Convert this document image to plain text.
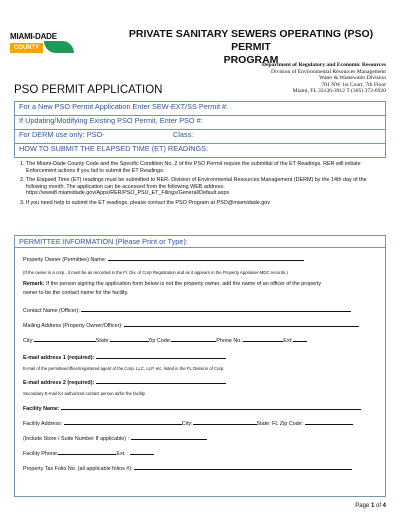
MIAMI-DADE
COUNTY
PRIVATE SANITARY SEWERS OPERATING (PSO) PERMIT
PROGRAM
Department of Regulatory and Economic Resources
Division of Environmental Resources Management
Water & Wastewater Division
701 NW 1st Court, 7th Floor
Miami, FL 33136-3912 T (305) 372-6920
PSO PERMIT APPLICATION
For a New PSO Permit Application Enter SEW-EXT/SS Permit #:
If Updating/Modifying Existing PSO Permit, Enter PSO #:
For DERM use only: PSO-	Class:
HOW TO SUBMIT THE ELAPSED TIME (ET) READINGS:
1. The Miami-Dade County Code and the Specific Condition No. 2 of the PSO Permit require the submittal of the ET Readings. RER will initiate Enforcement actions if you fail to submit the ET Readings.
2. The Elapsed Time (ET) readings must be submitted to RER- Division of Environmental Resources Management (DERM) by the 14th day of the following month. The application can be accessed from the following WEB address: https://www8.miamidade.gov/Apps/RER/PSO_PSU_ET_Filings/General/Default.aspx
3. If you need help to submit the ET readings, please contact the PSO Program at PSO@miamidade.gov
PERMITTEE INFORMATION (Please Print or Type):
Property Owner (Permittee) Name:
(If the owner is a corp., it must be as recorded in the Fl. Div. of Corp Registration and as it appears in the Property Appraiser-MDC records.)
Remark: If the person signing the application form below is not the property owner, add the name of an officer of the property
owner to be the contact name for the facility.
Contact Name (Officer):
Mailing Address (Property Owner/Officer):
City:	State:	Zip Code:	Phone No.:	Ext:
E-mail address 1 (required):
E-mail of the permittee/officer/registered agent of the Corp. LLC, LLP, etc. listed in the FL Division of Corp.
E-mail address 2 (required):
Secondary E-mail for authorized contact person at/for the facility
Facility Name:
Facility Address:	City:	State: FL Zip Code:
(Include Store / Suite Number If applicable) :
Facility Phone:	Ext. :
Property Tax Folio No. (all applicable folios #):
Page 1 of 4
